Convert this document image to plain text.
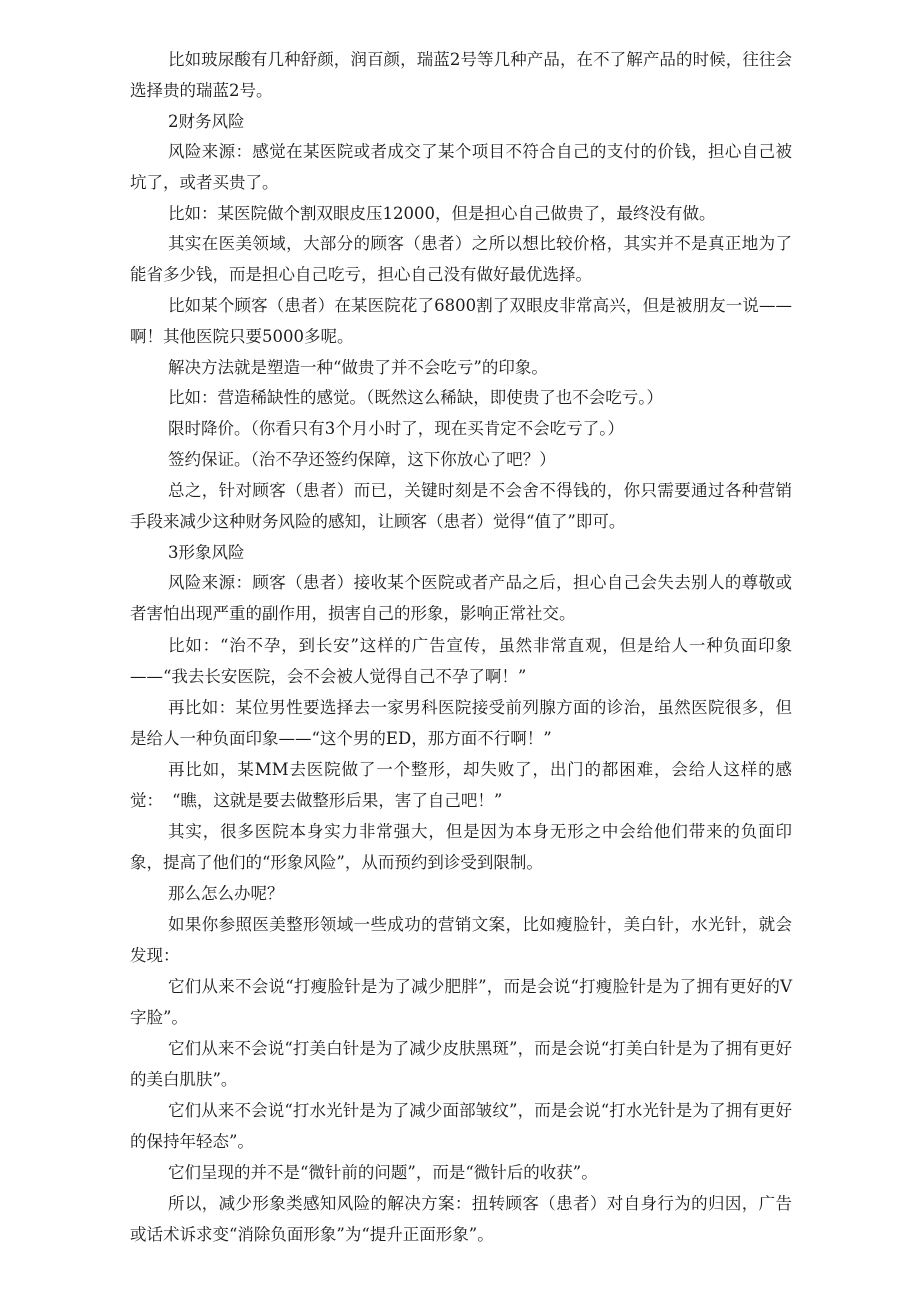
比如玻尿酸有几种舒颜，润百颜，瑞蓝2号等几种产品，在不了解产品的时候，往往会选择贵的瑞蓝2号。

2财务风险

风险来源：感觉在某医院或者成交了某个项目不符合自己的支付的价钱，担心自己被坑了，或者买贵了。

比如：某医院做个割双眼皮压12000，但是担心自己做贵了，最终没有做。

其实在医美领域，大部分的顾客（患者）之所以想比较价格，其实并不是真正地为了能省多少钱，而是担心自己吃亏，担心自己没有做好最优选择。

比如某个顾客（患者）在某医院花了6800割了双眼皮非常高兴，但是被朋友一说——啊！其他医院只要5000多呢。

解决方法就是塑造一种“做贵了并不会吃亏”的印象。

比如：营造稀缺性的感觉。（既然这么稀缺，即使贵了也不会吃亏。）

限时降价。（你看只有3个月小时了，现在买肯定不会吃亏了。）

签约保证。（治不孕还签约保障，这下你放心了吧？）

总之，针对顾客（患者）而已，关键时刻是不会舍不得钱的，你只需要通过各种营销手段来减少这种财务风险的感知，让顾客（患者）觉得“值了”即可。

3形象风险

风险来源：顾客（患者）接收某个医院或者产品之后，担心自己会失去别人的尊敬或者害怕出现严重的副作用，损害自己的形象，影响正常社交。

比如：“治不孕，到长安”这样的广告宣传，虽然非常直观，但是给人一种负面印象——“我去长安医院，会不会被人觉得自己不孕了啊！”

再比如：某位男性要选择去一家男科医院接受前列腺方面的诊治，虽然医院很多，但是给人一种负面印象——“这个男的ED，那方面不行啊！”

再比如，某MM去医院做了一个整形，却失败了，出门的都困难，会给人这样的感觉： “瞧，这就是要去做整形后果，害了自己吧！”

其实，很多医院本身实力非常强大，但是因为本身无形之中会给他们带来的负面印象，提高了他们的“形象风险”，从而预约到诊受到限制。

那么怎么办呢？

如果你参照医美整形领域一些成功的营销文案，比如瘦脸针，美白针，水光针，就会发现：

它们从来不会说“打瘦脸针是为了减少肥胖”，而是会说“打瘦脸针是为了拥有更好的V字脸”。

它们从来不会说“打美白针是为了减少皮肤黑斑”，而是会说“打美白针是为了拥有更好的美白肌肤”。

它们从来不会说“打水光针是为了减少面部皱纹”，而是会说“打水光针是为了拥有更好的保持年轻态”。

它们呈现的并不是“微针前的问题”，而是“微针后的收获”。

所以，减少形象类感知风险的解决方案：扭转顾客（患者）对自身行为的归因，广告或话术诉求变“消除负面形象”为“提升正面形象”。
